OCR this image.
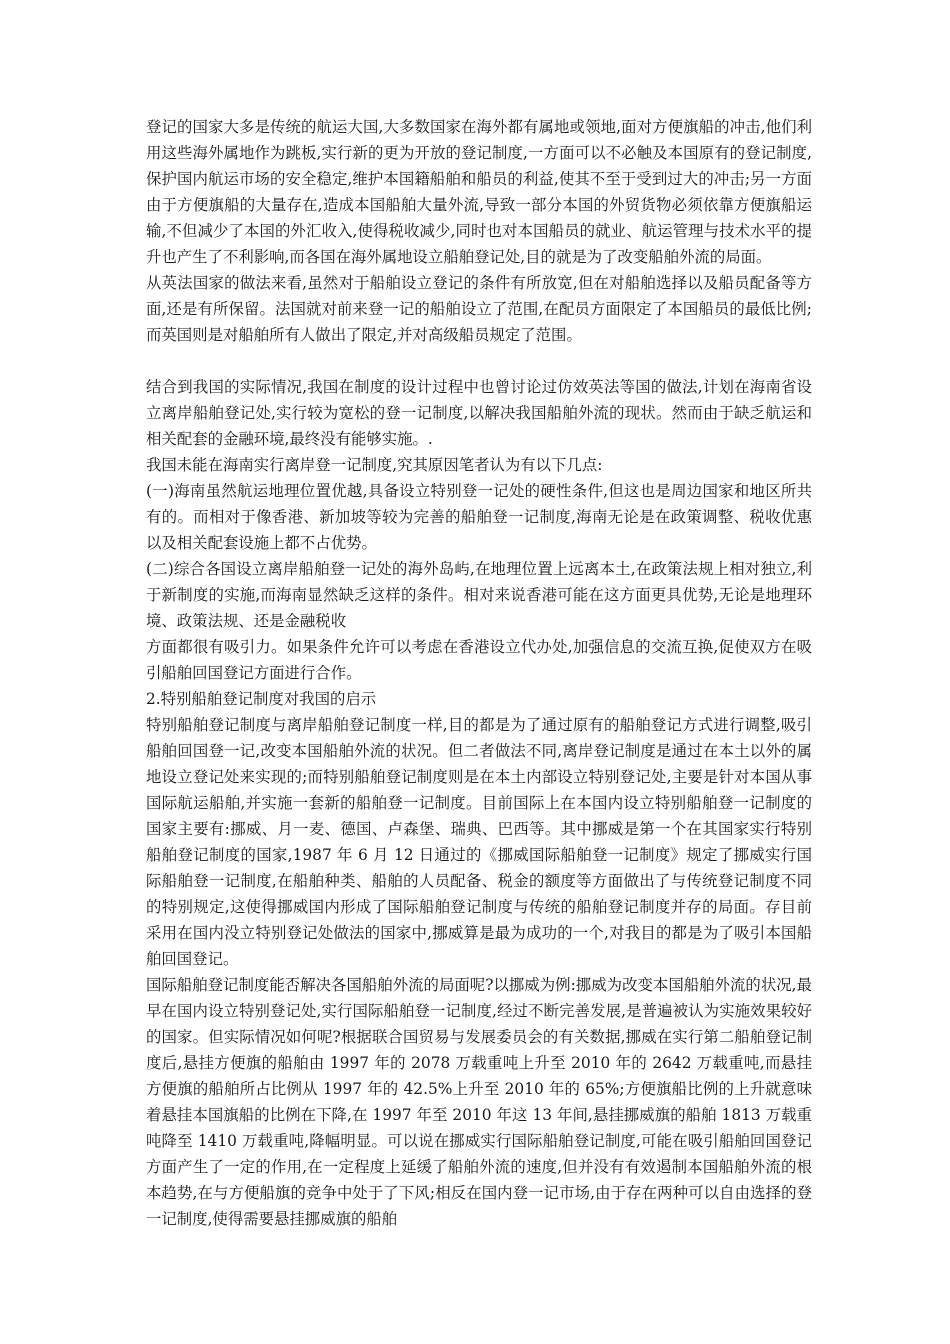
登记的国家大多是传统的航运大国,大多数国家在海外都有属地或领地,面对方便旗船的冲击,他们利用这些海外属地作为跳板,实行新的更为开放的登记制度,一方面可以不必触及本国原有的登记制度,保护国内航运市场的安全稳定,维护本国籍船舶和船员的利益,使其不至于受到过大的冲击;另一方面由于方便旗船的大量存在,造成本国船舶大量外流,导致一部分本国的外贸货物必须依靠方便旗船运输,不但减少了本国的外汇收入,使得税收减少,同时也对本国船员的就业、航运管理与技术水平的提升也产生了不利影响,而各国在海外属地设立船舶登记处,目的就是为了改变船舶外流的局面。

从英法国家的做法来看,虽然对于船舶设立登记的条件有所放宽,但在对船舶选择以及船员配备等方面,还是有所保留。法国就对前来登一记的船舶设立了范围,在配员方面限定了本国船员的最低比例;而英国则是对船舶所有人做出了限定,并对高级船员规定了范围。

结合到我国的实际情况,我国在制度的设计过程中也曾讨论过仿效英法等国的做法,计划在海南省设立离岸船舶登记处,实行较为宽松的登一记制度,以解决我国船舶外流的现状。然而由于缺乏航运和相关配套的金融环境,最终没有能够实施。.

我国未能在海南实行离岸登一记制度,究其原因笔者认为有以下几点:

(一)海南虽然航运地理位置优越,具备设立特别登一记处的硬性条件,但这也是周边国家和地区所共有的。而相对于像香港、新加坡等较为完善的船舶登一记制度,海南无论是在政策调整、税收优惠以及相关配套设施上都不占优势。

(二)综合各国设立离岸船舶登一记处的海外岛屿,在地理位置上远离本土,在政策法规上相对独立,利于新制度的实施,而海南显然缺乏这样的条件。相对来说香港可能在这方面更具优势,无论是地理环境、政策法规、还是金融税收

方面都很有吸引力。如果条件允许可以考虑在香港设立代办处,加强信息的交流互换,促使双方在吸引船舶回国登记方面进行合作。

2.特别船舶登记制度对我国的启示

特别船舶登记制度与离岸船舶登记制度一样,目的都是为了通过原有的船舶登记方式进行调整,吸引船舶回国登一记,改变本国船舶外流的状况。但二者做法不同,离岸登记制度是通过在本土以外的属地设立登记处来实现的;而特别船舶登记制度则是在本土内部设立特别登记处,主要是针对本国从事国际航运船舶,并实施一套新的船舶登一记制度。目前国际上在本国内设立特别船舶登一记制度的国家主要有:挪威、月一麦、德国、卢森堡、瑞典、巴西等。其中挪威是第一个在其国家实行特别船舶登记制度的国家,1987 年 6 月 12 日通过的《挪威国际船舶登一记制度》规定了挪威实行国际船舶登一记制度,在船舶种类、船舶的人员配备、税金的额度等方面做出了与传统登记制度不同的特别规定,这使得挪威国内形成了国际船舶登记制度与传统的船舶登记制度并存的局面。存目前采用在国内没立特别登记处做法的国家中,挪威算是最为成功的一个,对我目的都是为了吸引本国船舶回国登记。

国际船舶登记制度能否解决各国船舶外流的局面呢?以挪威为例:挪威为改变本国船舶外流的状况,最早在国内设立特别登记处,实行国际船舶登一记制度,经过不断完善发展,是普遍被认为实施效果较好的国家。但实际情况如何呢?根据联合国贸易与发展委员会的有关数据,挪威在实行第二船舶登记制度后,悬挂方便旗的船舶由 1997 年的 2078 万载重吨上升至 2010 年的 2642 万载重吨,而悬挂方便旗的船舶所占比例从 1997 年的 42.5%上升至 2010 年的 65%;方便旗船比例的上升就意味着悬挂本国旗船的比例在下降,在 1997 年至 2010 年这 13 年间,悬挂挪威旗的船舶 1813 万载重吨降至 1410 万载重吨,降幅明显。可以说在挪威实行国际船舶登记制度,可能在吸引船舶回国登记方面产生了一定的作用,在一定程度上延缓了船舶外流的速度,但并没有有效遏制本国船舶外流的根本趋势,在与方便船旗的竞争中处于了下风;相反在国内登一记市场,由于存在两种可以自由选择的登一记制度,使得需要悬挂挪威旗的船舶
